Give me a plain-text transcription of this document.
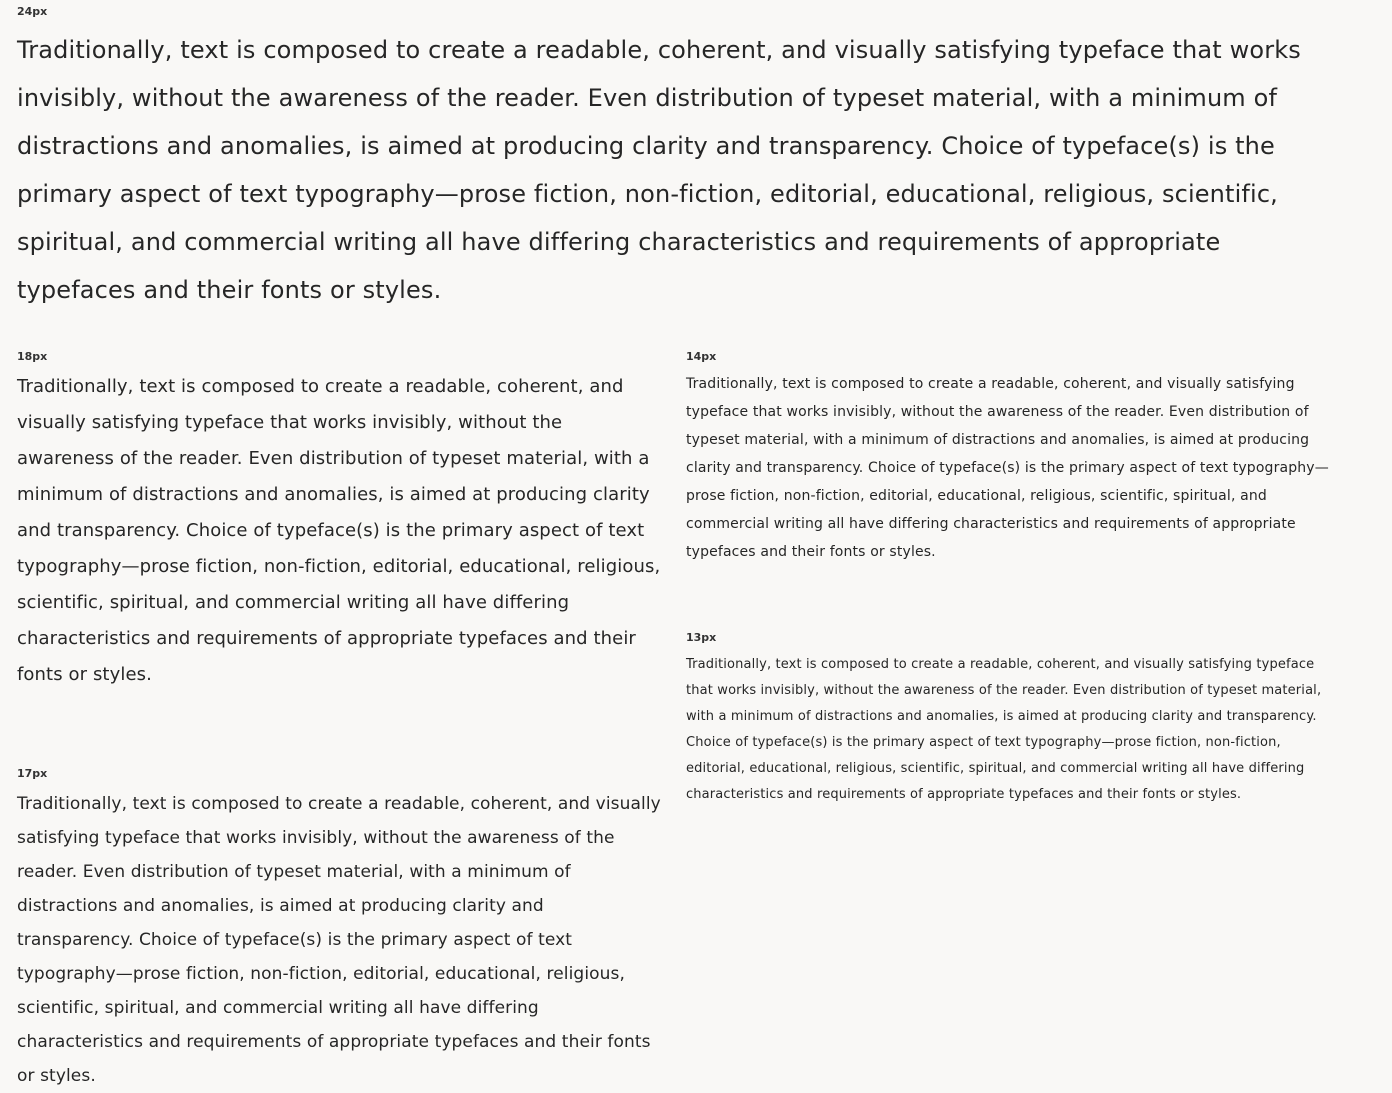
24px

Traditionally, text is composed to create a readable, coherent, and visually satisfying typeface that works invisibly, without the awareness of the reader. Even distribution of typeset material, with a minimum of distractions and anomalies, is aimed at producing clarity and transparency. Choice of typeface(s) is the primary aspect of text typography—prose fiction, non-fiction, editorial, educational, religious, scientific, spiritual, and commercial writing all have differing characteristics and requirements of appropriate typefaces and their fonts or styles.

18px

Traditionally, text is composed to create a readable, coherent, and visually satisfying typeface that works invisibly, without the awareness of the reader. Even distribution of typeset material, with a minimum of distractions and anomalies, is aimed at producing clarity and transparency. Choice of typeface(s) is the primary aspect of text typography—prose fiction, non-fiction, editorial, educational, religious, scientific, spiritual, and commercial writing all have differing characteristics and requirements of appropriate typefaces and their fonts or styles.

17px

Traditionally, text is composed to create a readable, coherent, and visually satisfying typeface that works invisibly, without the awareness of the reader. Even distribution of typeset material, with a minimum of distractions and anomalies, is aimed at producing clarity and transparency. Choice of typeface(s) is the primary aspect of text typography—prose fiction, non-fiction, editorial, educational, religious, scientific, spiritual, and commercial writing all have differing characteristics and requirements of appropriate typefaces and their fonts or styles.

14px

Traditionally, text is composed to create a readable, coherent, and visually satisfying typeface that works invisibly, without the awareness of the reader. Even distribution of typeset material, with a minimum of distractions and anomalies, is aimed at producing clarity and transparency. Choice of typeface(s) is the primary aspect of text typography—prose fiction, non-fiction, editorial, educational, religious, scientific, spiritual, and commercial writing all have differing characteristics and requirements of appropriate typefaces and their fonts or styles.

13px

Traditionally, text is composed to create a readable, coherent, and visually satisfying typeface that works invisibly, without the awareness of the reader. Even distribution of typeset material, with a minimum of distractions and anomalies, is aimed at producing clarity and transparency. Choice of typeface(s) is the primary aspect of text typography—prose fiction, non-fiction, editorial, educational, religious, scientific, spiritual, and commercial writing all have differing characteristics and requirements of appropriate typefaces and their fonts or styles.
